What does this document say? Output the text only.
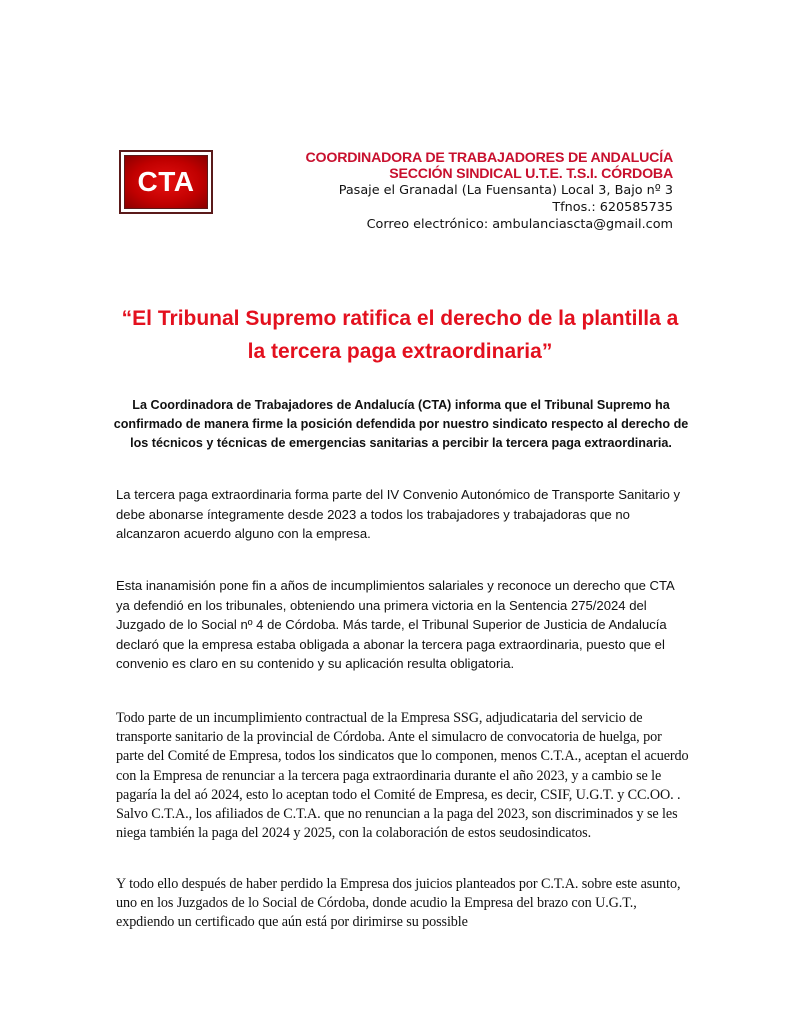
CTA
COORDINADORA DE TRABAJADORES DE ANDALUCÍA
SECCIÓN SINDICAL U.T.E. T.S.I. CÓRDOBA
Pasaje el Granadal (La Fuensanta) Local 3, Bajo nº 3
Tfnos.: 620585735
Correo electrónico: ambulanciascta@gmail.com
“El Tribunal Supremo ratifica el derecho de la plantilla a
la tercera paga extraordinaria”
La Coordinadora de Trabajadores de Andalucía (CTA) informa que el Tribunal Supremo ha confirmado de manera firme la posición defendida por nuestro sindicato respecto al derecho de los técnicos y técnicas de emergencias sanitarias a percibir la tercera paga extraordinaria.
La tercera paga extraordinaria forma parte del IV Convenio Autonómico de Transporte Sanitario y debe abonarse íntegramente desde 2023 a todos los trabajadores y trabajadoras que no alcanzaron acuerdo alguno con la empresa.
Esta inanamisión pone fin a años de incumplimientos salariales y reconoce un derecho que CTA ya defendió en los tribunales, obteniendo una primera victoria en la Sentencia 275/2024 del Juzgado de lo Social nº 4 de Córdoba. Más tarde, el Tribunal Superior de Justicia de Andalucía declaró que la empresa estaba obligada a abonar la tercera paga extraordinaria, puesto que el convenio es claro en su contenido y su aplicación resulta obligatoria.
Todo parte de un incumplimiento contractual de la Empresa SSG, adjudicataria del servicio de transporte sanitario de la provincial de Córdoba. Ante el simulacro de convocatoria de huelga, por parte del Comité de Empresa, todos los sindicatos que lo componen, menos C.T.A., aceptan el acuerdo con la Empresa de renunciar a la tercera paga extraordinaria durante el año 2023, y a cambio se le pagaría la del aó 2024, esto lo aceptan todo el Comité de Empresa, es decir, CSIF, U.G.T. y CC.OO. . Salvo C.T.A., los afiliados de C.T.A. que no renuncian a la paga del 2023, son discriminados y se les niega también la paga del 2024 y 2025, con la colaboración de estos seudosindicatos.
Y todo ello después de haber perdido la Empresa dos juicios planteados por C.T.A. sobre este asunto, uno en los Juzgados de lo Social de Córdoba, donde acudio la Empresa del brazo con U.G.T., expdiendo un certificado que aún está por dirimirse su possible
